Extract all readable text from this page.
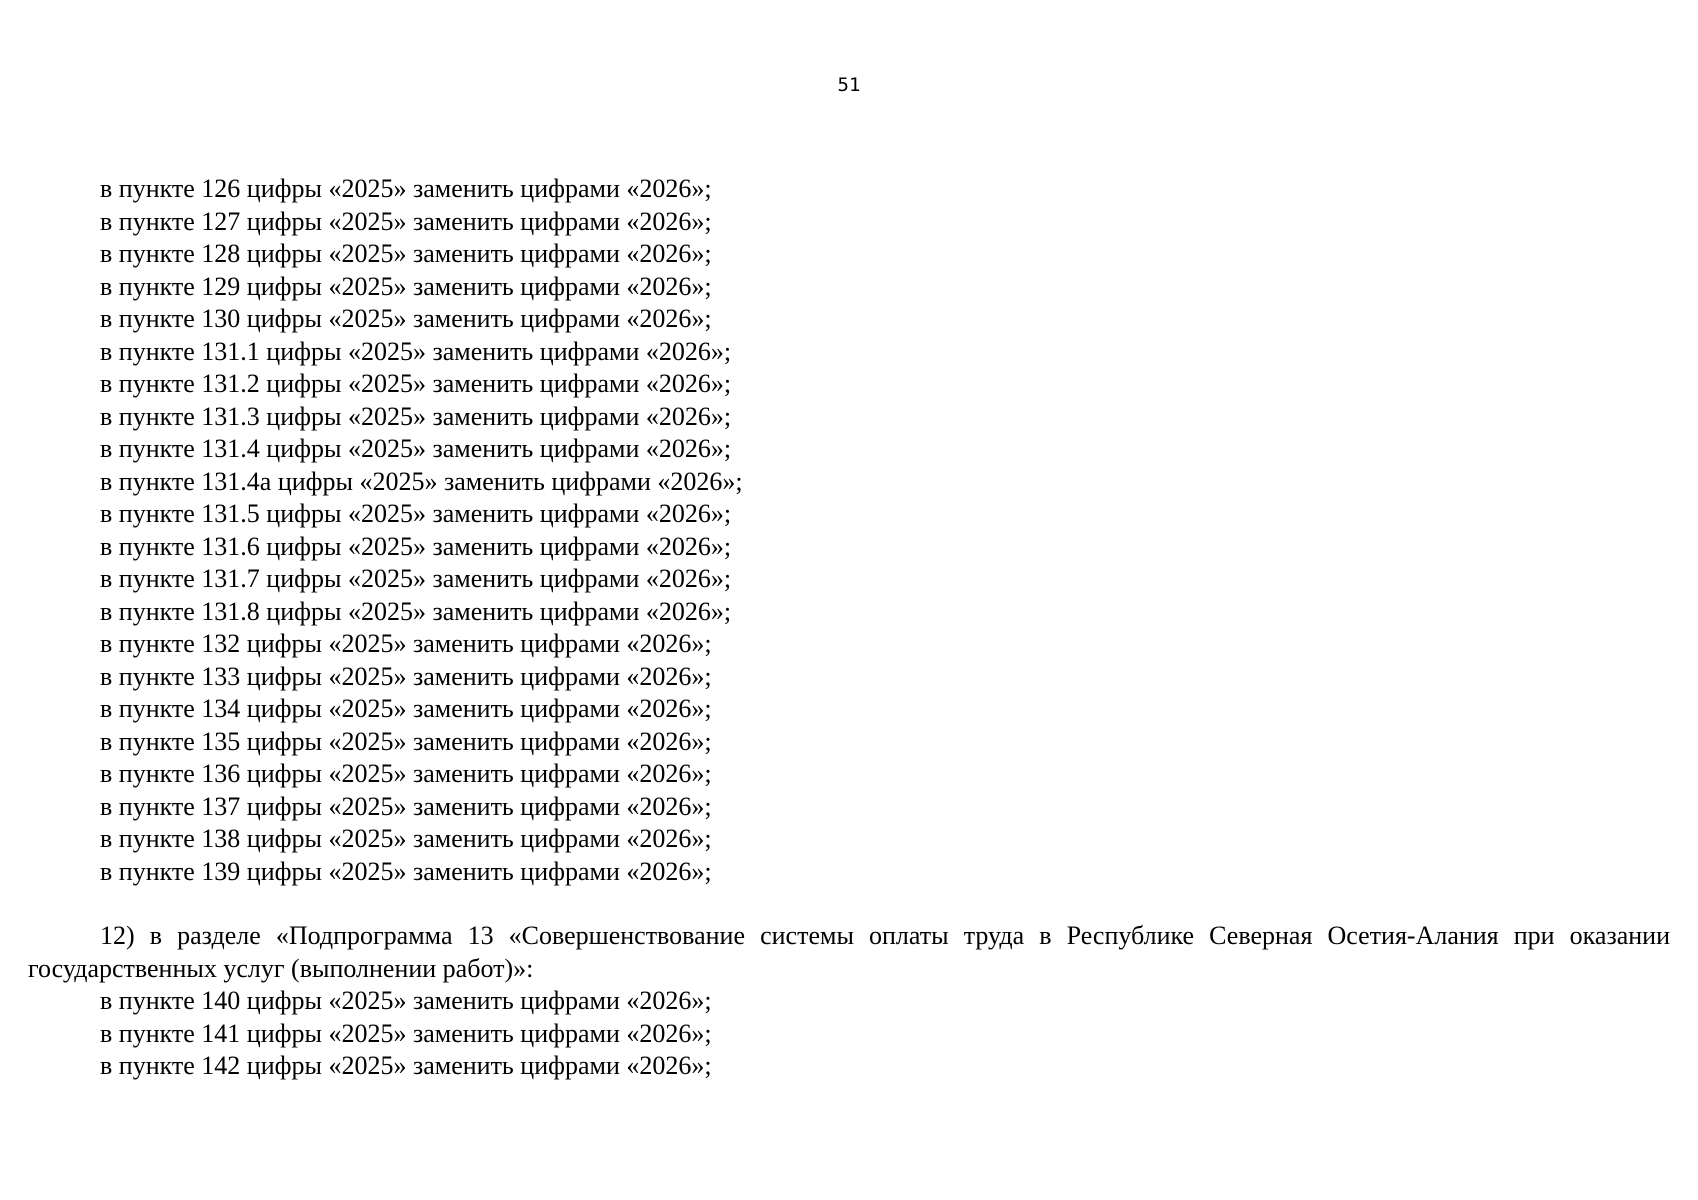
51
в пункте 126 цифры «2025» заменить цифрами «2026»;
в пункте 127 цифры «2025» заменить цифрами «2026»;
в пункте 128 цифры «2025» заменить цифрами «2026»;
в пункте 129 цифры «2025» заменить цифрами «2026»;
в пункте 130 цифры «2025» заменить цифрами «2026»;
в пункте 131.1 цифры «2025» заменить цифрами «2026»;
в пункте 131.2 цифры «2025» заменить цифрами «2026»;
в пункте 131.3 цифры «2025» заменить цифрами «2026»;
в пункте 131.4 цифры «2025» заменить цифрами «2026»;
в пункте 131.4а цифры «2025» заменить цифрами «2026»;
в пункте 131.5 цифры «2025» заменить цифрами «2026»;
в пункте 131.6 цифры «2025» заменить цифрами «2026»;
в пункте 131.7 цифры «2025» заменить цифрами «2026»;
в пункте 131.8 цифры «2025» заменить цифрами «2026»;
в пункте 132 цифры «2025» заменить цифрами «2026»;
в пункте 133 цифры «2025» заменить цифрами «2026»;
в пункте 134 цифры «2025» заменить цифрами «2026»;
в пункте 135 цифры «2025» заменить цифрами «2026»;
в пункте 136 цифры «2025» заменить цифрами «2026»;
в пункте 137 цифры «2025» заменить цифрами «2026»;
в пункте 138 цифры «2025» заменить цифрами «2026»;
в пункте 139 цифры «2025» заменить цифрами «2026»;
12) в разделе «Подпрограмма 13 «Совершенствование системы оплаты труда в Республике Северная Осетия-Алания при оказании государственных услуг (выполнении работ)»:
в пункте 140 цифры «2025» заменить цифрами «2026»;
в пункте 141 цифры «2025» заменить цифрами «2026»;
в пункте 142 цифры «2025» заменить цифрами «2026»;
